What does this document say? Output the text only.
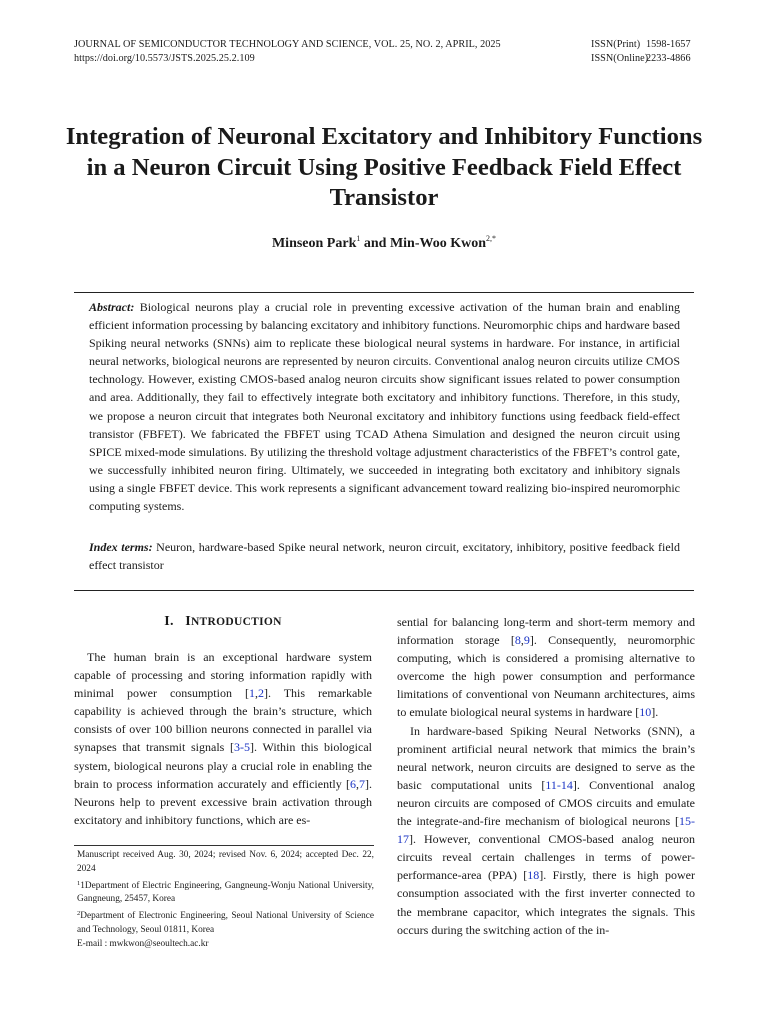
JOURNAL OF SEMICONDUCTOR TECHNOLOGY AND SCIENCE, VOL. 25, NO. 2, APRIL, 2025
https://doi.org/10.5573/JSTS.2025.25.2.109
ISSN(Print) 1598-1657
ISSN(Online)
2233-4866
Integration of Neuronal Excitatory and Inhibitory Functions in a Neuron Circuit Using Positive Feedback Field Effect Transistor
Minseon Park$^1$ and Min-Woo Kwon$^{2,*}$
Abstract: Biological neurons play a crucial role in preventing excessive activation of the human brain and enabling efficient information processing by balancing excitatory and inhibitory functions. Neuromorphic chips and hardware based Spiking neural networks (SNNs) aim to replicate these biological neural systems in hardware. For instance, in artificial neural networks, biological neurons are represented by neuron circuits. Conventional analog neuron circuits utilize CMOS technology. However, existing CMOS-based analog neuron circuits show significant issues related to power consumption and area. Additionally, they fail to effectively integrate both excitatory and inhibitory functions. Therefore, in this study, we propose a neuron circuit that integrates both Neuronal excitatory and inhibitory functions using feedback field-effect transistor (FBFET). We fabricated the FBFET using TCAD Athena Simulation and designed the neuron circuit using SPICE mixed-mode simulations. By utilizing the threshold voltage adjustment characteristics of the FBFET’s control gate, we successfully inhibited neuron firing. Ultimately, we succeeded in integrating both excitatory and inhibitory signals using a single FBFET device. This work represents a significant advancement toward realizing bio-inspired neuromorphic computing systems.
Index terms: Neuron, hardware-based Spike neural network, neuron circuit, excitatory, inhibitory, positive feedback field effect transistor
I. INTRODUCTION

The human brain is an exceptional hardware system capable of processing and storing information rapidly with minimal power consumption [1,2]. This remarkable capability is achieved through the brain’s structure, which consists of over 100 billion neurons connected in parallel via synapses that transmit signals [3-5]. Within this biological system, biological neurons play a crucial role in enabling the brain to process information accurately and efficiently [6,7]. Neurons help to prevent excessive brain activation through excitatory and inhibitory functions, which are es-

sential for balancing long-term and short-term memory and information storage [8,9]. Consequently, neuromorphic computing, which is considered a promising alternative to overcome the high power consumption and performance limitations of conventional von Neumann architectures, aims to emulate biological neural systems in hardware [10].

In hardware-based Spiking Neural Networks (SNN), a prominent artificial neural network that mimics the brain’s neural network, neuron circuits are designed to serve as the basic computational units [11-14]. Conventional analog neuron circuits are composed of CMOS circuits and emulate the integrate-and-fire mechanism of biological neurons [15-17]. However, conventional CMOS-based analog neuron circuits reveal certain challenges in terms of power-performance-area (PPA) [18]. Firstly, there is high power consumption associated with the first inverter connected to the membrane capacitor, which integrates the signals. This occurs during the switching action of the in-

Manuscript received Aug. 30, 2024; revised Nov. 6, 2024; accepted Dec. 22, 2024
$^1$1Department of Electric Engineering, Gangneung-Wonju National University, Gangneung, 25457, Korea
$^2$Department of Electronic Engineering, Seoul National University of Science and Technology, Seoul 01811, Korea
E-mail : mwkwon@seoultech.ac.kr
